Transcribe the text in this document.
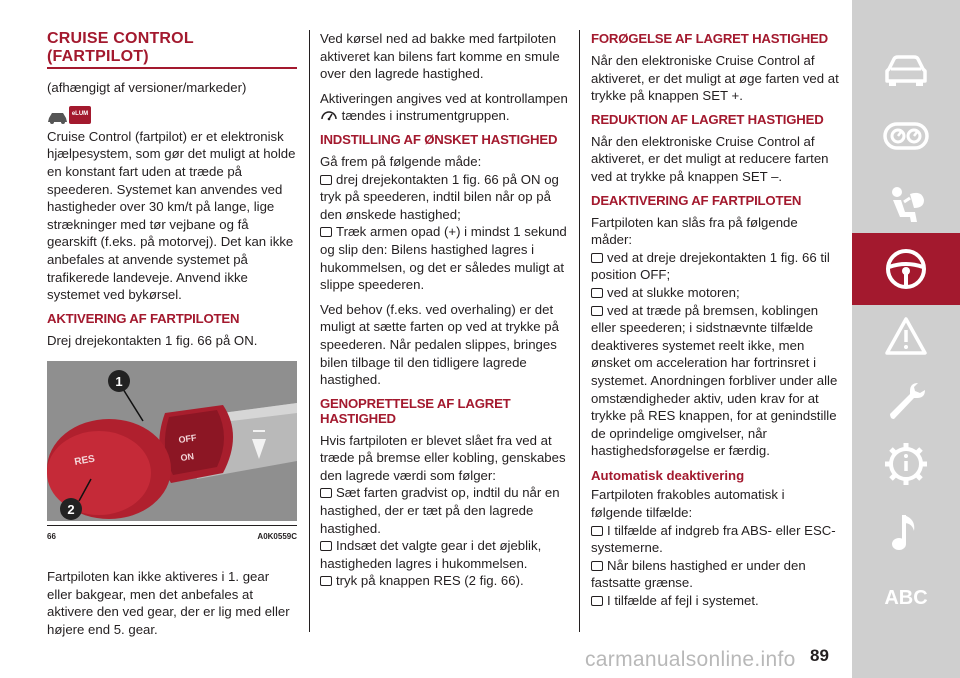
CRUISE CONTROL (FARTPILOT)

(afhængigt af versioner/markeder)

eLUM

Cruise Control (fartpilot) er et elektronisk hjælpesystem, som gør det muligt at holde en konstant fart uden at træde på speederen. Systemet kan anvendes ved hastigheder over 30 km/t på lange, lige strækninger med tør vejbane og få gearskift (f.eks. på motorvej). Det kan ikke anbefales at anvende systemet på trafikerede landeveje. Anvend ikke systemet ved bykørsel.

AKTIVERING AF FARTPILOTEN

Drej drejekontakten 1 fig. 66 på ON.

1
2
OFF
ON
RES
66	A0K0559C

Fartpiloten kan ikke aktiveres i 1. gear eller bakgear, men det anbefales at aktivere den ved gear, der er lig med eller højere end 5. gear.

Ved kørsel ned ad bakke med fartpiloten aktiveret kan bilens fart komme en smule over den lagrede hastighed.

Aktiveringen angives ved at kontrollampen  tændes i instrumentgruppen.

INDSTILLING AF ØNSKET HASTIGHED

Gå frem på følgende måde:
drej drejekontakten 1 fig. 66 på ON og tryk på speederen, indtil bilen når op på den ønskede hastighed;
Træk armen opad (+) i mindst 1 sekund og slip den: Bilens hastighed lagres i hukommelsen, og det er således muligt at slippe speederen.

Ved behov (f.eks. ved overhaling) er det muligt at sætte farten op ved at trykke på speederen. Når pedalen slippes, bringes bilen tilbage til den tidligere lagrede hastighed.

GENOPRETTELSE AF LAGRET HASTIGHED

Hvis fartpiloten er blevet slået fra ved at træde på bremse eller kobling, genskabes den lagrede værdi som følger:
Sæt farten gradvist op, indtil du når en hastighed, der er tæt på den lagrede hastighed.
Indsæt det valgte gear i det øjeblik, hastigheden lagres i hukommelsen.
tryk på knappen RES (2 fig. 66).

FORØGELSE AF LAGRET HASTIGHED

Når den elektroniske Cruise Control af aktiveret, er det muligt at øge farten ved at trykke på knappen SET +.

REDUKTION AF LAGRET HASTIGHED

Når den elektroniske Cruise Control af aktiveret, er det muligt at reducere farten ved at trykke på knappen SET –.

DEAKTIVERING AF FARTPILOTEN

Fartpiloten kan slås fra på følgende måder:
ved at dreje drejekontakten 1 fig. 66 til position OFF;
ved at slukke motoren;
ved at træde på bremsen, koblingen eller speederen; i sidstnævnte tilfælde deaktiveres systemet reelt ikke, men ønsket om acceleration har fortrinsret i systemet. Anordningen forbliver under alle omstændigheder aktiv, uden krav for at trykke på RES knappen, for at genindstille de oprindelige omgivelser, når hastighedsforøgelse er færdig.

Automatisk deaktivering

Fartpiloten frakobles automatisk i følgende tilfælde:
I tilfælde af indgreb fra ABS- eller ESC-systemerne.
Når bilens hastighed er under den fastsatte grænse.
I tilfælde af fejl i systemet.	ABC
carmanualsonline.info 89
